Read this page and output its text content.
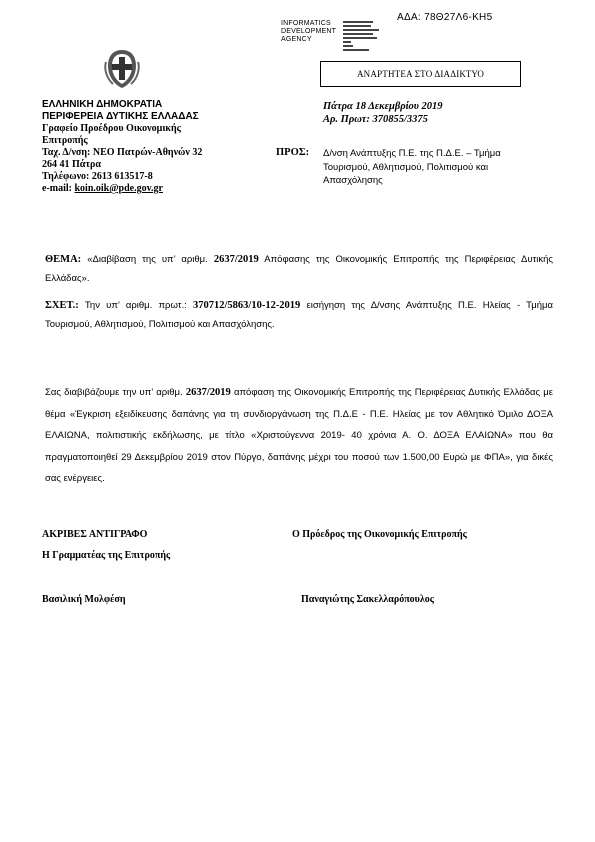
ΑΔΑ: 78Θ27Λ6-ΚΗ5
INFORMATICS
DEVELOPMENT
AGENCY
ΑΝΑΡΤΗΤΕΑ ΣΤΟ ΔΙΑΔΙΚΤΥΟ
ΕΛΛΗΝΙΚΗ ΔΗΜΟΚΡΑΤΙΑ
ΠΕΡΙΦΕΡΕΙΑ ΔΥΤΙΚΗΣ ΕΛΛΑΔΑΣ
Γραφείο Προέδρου Οικονομικής
Επιτροπής
Ταχ. Δ/νση: ΝΕΟ Πατρών-Αθηνών 32
264 41 Πάτρα
Τηλέφωνο: 2613 613517-8
e-mail: koin.oik@pde.gov.gr
Πάτρα 18 Δεκεμβρίου 2019
Αρ. Πρωτ: 370855/3375
ΠΡΟΣ: Δ/νση Ανάπτυξης Π.Ε. της Π.Δ.Ε. – Τμήμα Τουρισμού, Αθλητισμού, Πολιτισμού και Απασχόλησης
ΘΕΜΑ: «Διαβίβαση της υπ’ αριθμ. 2637/2019 Απόφασης της Οικονομικής Επιτροπής της Περιφέρειας Δυτικής Ελλάδας».
ΣΧΕΤ.: Την υπ’ αριθμ. πρωτ.: 370712/5863/10-12-2019 εισήγηση της Δ/νσης Ανάπτυξης Π.Ε. Ηλείας - Τμήμα Τουρισμού, Αθλητισμού, Πολιτισμού και Απασχόλησης.
Σας διαβιβάζουμε την υπ’ αριθμ. 2637/2019 απόφαση της Οικονομικής Επιτροπής της Περιφέρειας Δυτικής Ελλάδας με θέμα «Έγκριση εξειδίκευσης δαπάνης για τη συνδιοργάνωση της Π.Δ.Ε - Π.Ε. Ηλείας με τον Αθλητικό Όμιλο ΔΟΞΑ ΕΛΑΙΩΝΑ, πολιτιστικής εκδήλωσης, με τίτλο «Χριστούγεννα 2019- 40 χρόνια Α. Ο. ΔΟΞΑ ΕΛΑΙΩΝΑ» που θα πραγματοποιηθεί 29 Δεκεμβρίου 2019 στον Πύργο, δαπάνης μέχρι του ποσού των 1.500,00 Ευρώ με ΦΠΑ», για δικές σας ενέργειες.
ΑΚΡΙΒΕΣ ΑΝΤΙΓΡΑΦΟ
Η Γραμματέας της Επιτροπής
Ο Πρόεδρος της Οικονομικής Επιτροπής
Βασιλική Μολφέση	Παναγιώτης Σακελλαρόπουλος
